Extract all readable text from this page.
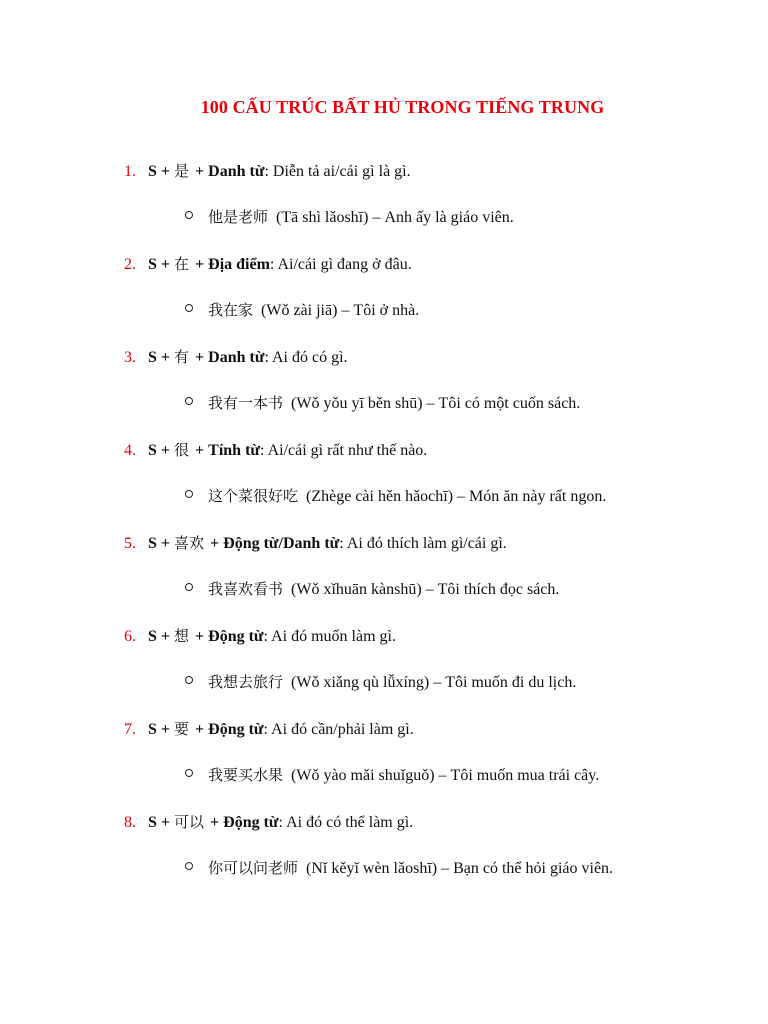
100 CẤU TRÚC BẤT HỦ TRONG TIẾNG TRUNG
1. S + 是 + Danh từ: Diễn tả ai/cái gì là gì.
他是老师 (Tā shì lǎoshī) – Anh ấy là giáo viên.
2. S + 在 + Địa điểm: Ai/cái gì đang ở đâu.
我在家 (Wǒ zài jiā) – Tôi ở nhà.
3. S + 有 + Danh từ: Ai đó có gì.
我有一本书 (Wǒ yǒu yī běn shū) – Tôi có một cuốn sách.
4. S + 很 + Tính từ: Ai/cái gì rất như thế nào.
这个菜很好吃 (Zhège cài hěn hǎochī) – Món ăn này rất ngon.
5. S + 喜欢 + Động từ/Danh từ: Ai đó thích làm gì/cái gì.
我喜欢看书 (Wǒ xǐhuān kànshū) – Tôi thích đọc sách.
6. S + 想 + Động từ: Ai đó muốn làm gì.
我想去旅行 (Wǒ xiǎng qù lǚxíng) – Tôi muốn đi du lịch.
7. S + 要 + Động từ: Ai đó cần/phải làm gì.
我要买水果 (Wǒ yào mǎi shuǐguǒ) – Tôi muốn mua trái cây.
8. S + 可以 + Động từ: Ai đó có thể làm gì.
你可以问老师 (Nǐ kěyǐ wèn lǎoshī) – Bạn có thể hỏi giáo viên.
